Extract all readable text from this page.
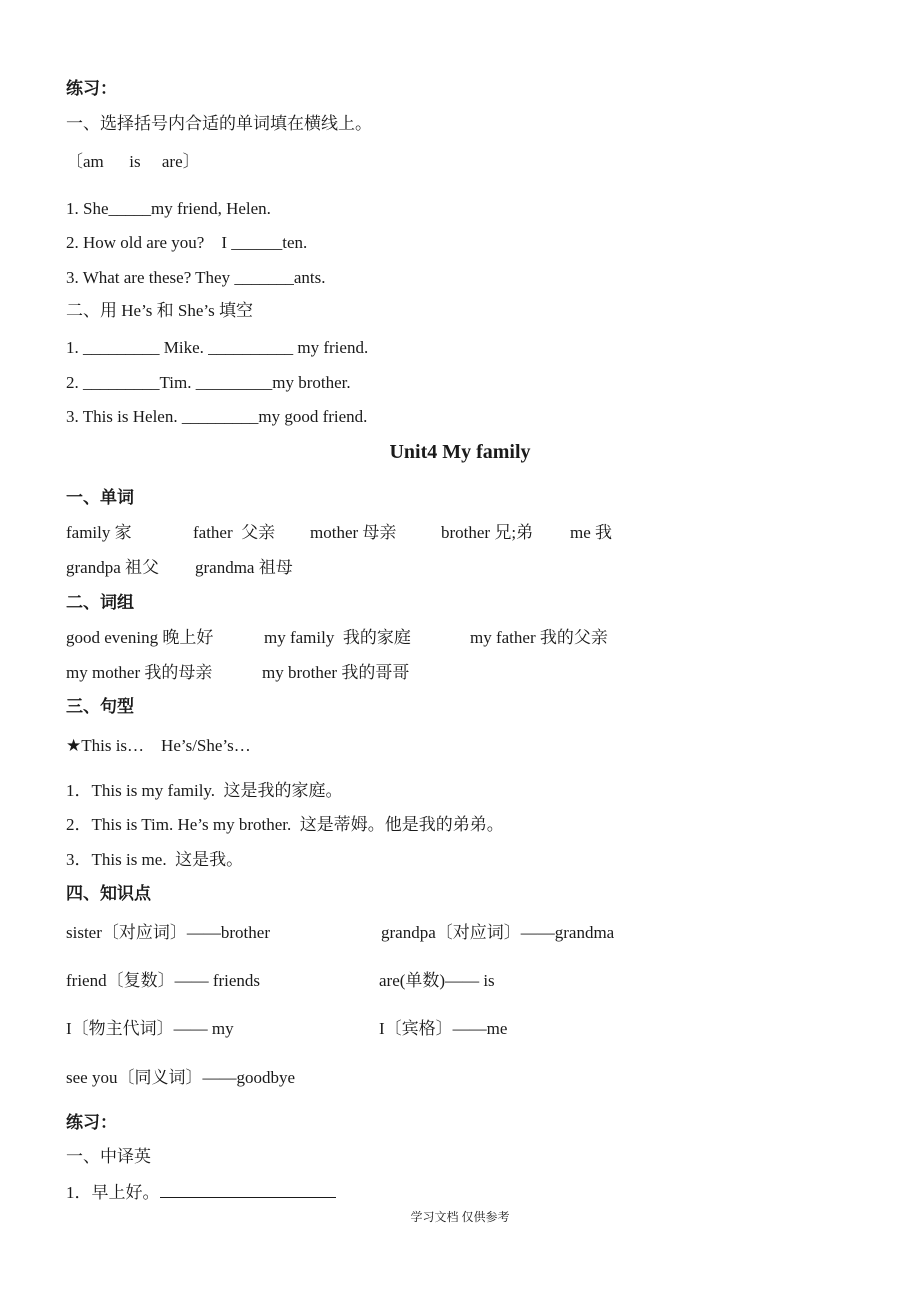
练习：
一、选择括号内合适的单词填在横线上。
〔am      is     are〕
1. She_____my friend, Helen.
2. How old are you?    I ______ten.
3. What are these? They _______ants.
二、用 He’s 和 She’s 填空
1. _________ Mike. __________ my friend.
2. _________Tim. _________my brother.
3. This is Helen. _________my good friend.
Unit4 My family
一、单词
family 家	father  父亲 mother 母亲	brother 兄;弟 me 我
grandpa 祖父 grandma 祖母
二、词组
good evening 晚上好	my family  我的家庭	my father 我的父亲
my mother 我的母亲	my brother 我的哥哥
三、句型
★This is…    He’s/She’s…
1．This is my family.  这是我的家庭。
2．This is Tim. He’s my brother.  这是蒂姆。他是我的弟弟。
3．This is me.  这是我。
四、知识点
sister〔对应词〕——brother	grandpa〔对应词〕——grandma
friend〔复数〕—— friends	are(单数)—— is
I〔物主代词〕—— my	I〔宾格〕——me
see you〔同义词〕——goodbye
练习：
一、中译英
1．早上好。
学习文档 仅供参考
